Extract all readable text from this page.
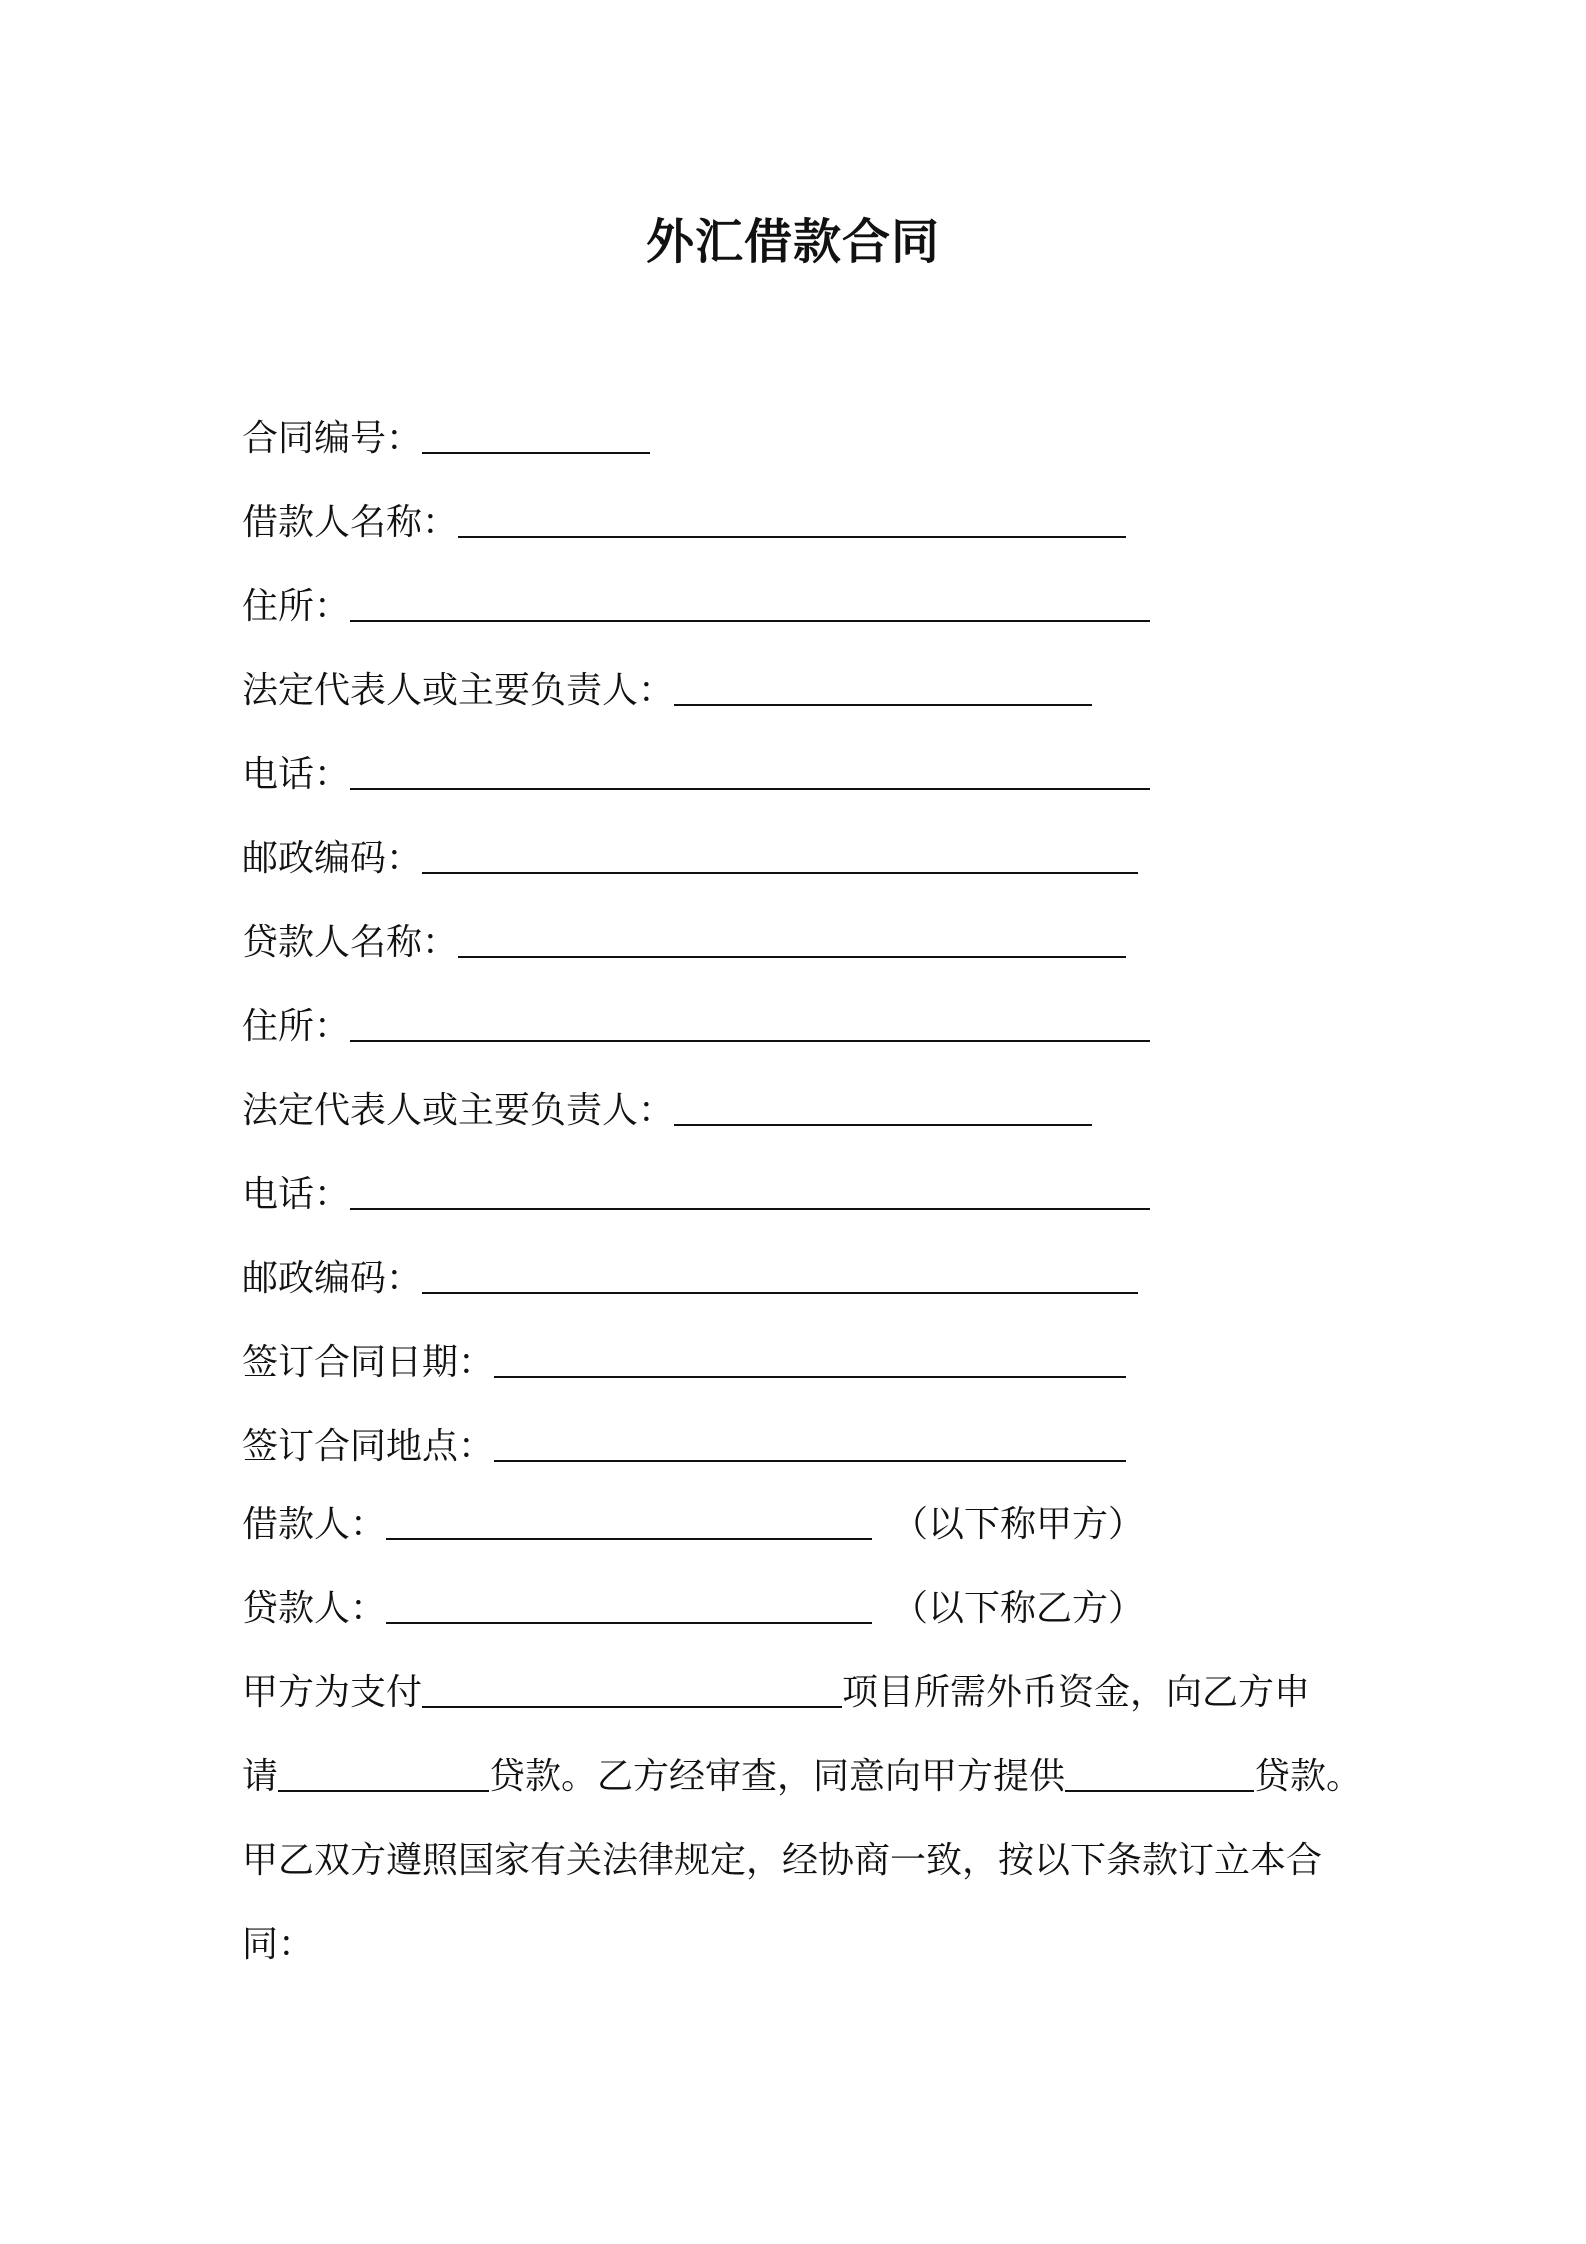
外汇借款合同
合同编号：
借款人名称：
住所：
法定代表人或主要负责人：
电话：
邮政编码：
贷款人名称：
住所：
法定代表人或主要负责人：
电话：
邮政编码：
签订合同日期：
签订合同地点：
借款人：	（以下称甲方）
贷款人：	（以下称乙方）
甲方为支付	项目所需外币资金，向乙方申
请	贷款。乙方经审查，同意向甲方提供	贷款。
甲乙双方遵照国家有关法律规定，经协商一致，按以下条款订立本合
同：
